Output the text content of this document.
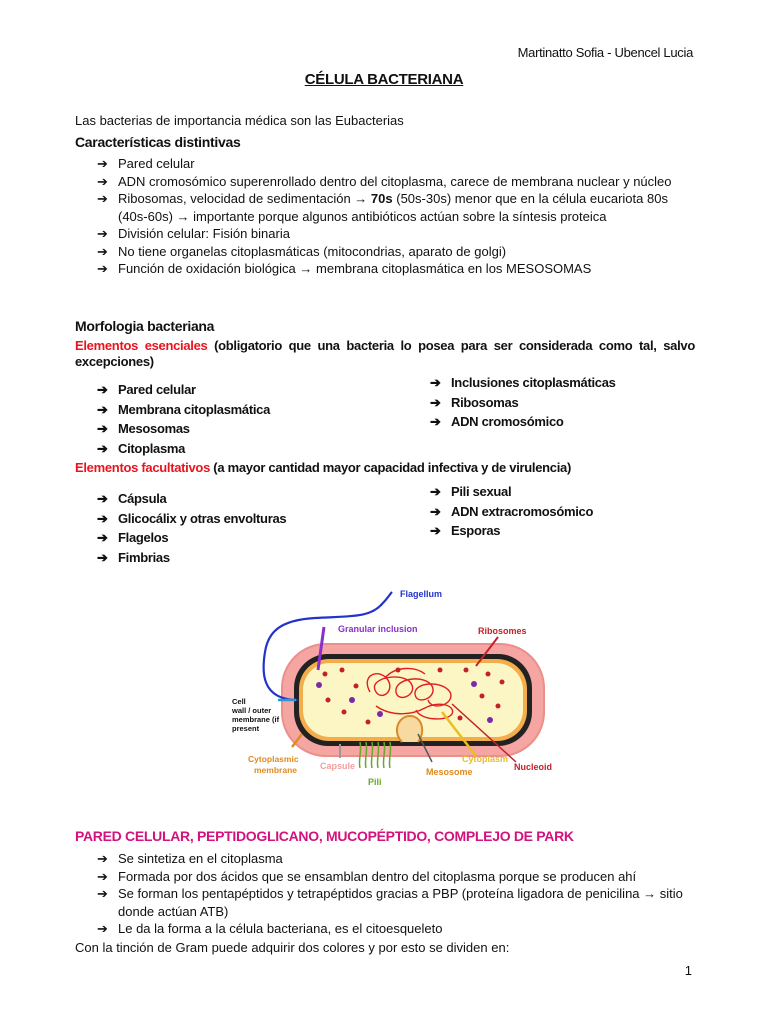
Martinatto Sofia - Ubencel Lucia
CÉLULA BACTERIANA
Las bacterias de importancia médica son las Eubacterias
Características distintivas
➔ Pared celular
➔ ADN cromosómico superenrollado dentro del citoplasma, carece de membrana nuclear y núcleo
➔ Ribosomas, velocidad de sedimentación → 70s (50s-30s) menor que en la célula eucariota 80s (40s-60s) → importante porque algunos antibióticos actúan sobre la síntesis proteica
➔ División celular: Fisión binaria
➔ No tiene organelas citoplasmáticas (mitocondrias, aparato de golgi)
➔ Función de oxidación biológica → membrana citoplasmática en los MESOSOMAS
Morfologia bacteriana
Elementos esenciales (obligatorio que una bacteria lo posea para ser considerada como tal, salvo excepciones)
➔ Pared celular
➔ Membrana citoplasmática
➔ Mesosomas
➔ Citoplasma
➔ Inclusiones citoplasmáticas
➔ Ribosomas
➔ ADN cromosómico
Elementos facultativos (a mayor cantidad mayor capacidad infectiva y de virulencia)
➔ Cápsula
➔ Glicocálix y otras envolturas
➔ Flagelos
➔ Fimbrias
➔ Pili sexual
➔ ADN extracromosómico
➔ Esporas
Flagellum
Granular inclusion	Ribosomes
Cell
wall / outer
membrane (if
present
Cytoplasmic
membrane	Capsule
Pili
Mesosome
Cytoplasm
Nucleoid
PARED CELULAR, PEPTIDOGLICANO, MUCOPÉPTIDO, COMPLEJO DE PARK
➔ Se sintetiza en el citoplasma
➔ Formada por dos ácidos que se ensamblan dentro del citoplasma porque se producen ahí
➔ Se forman los pentapéptidos y tetrapéptidos gracias a PBP (proteína ligadora de penicilina → sitio donde actúan ATB)
➔ Le da la forma a la célula bacteriana, es el citoesqueleto
Con la tinción de Gram puede adquirir dos colores y por esto se dividen en:
1
